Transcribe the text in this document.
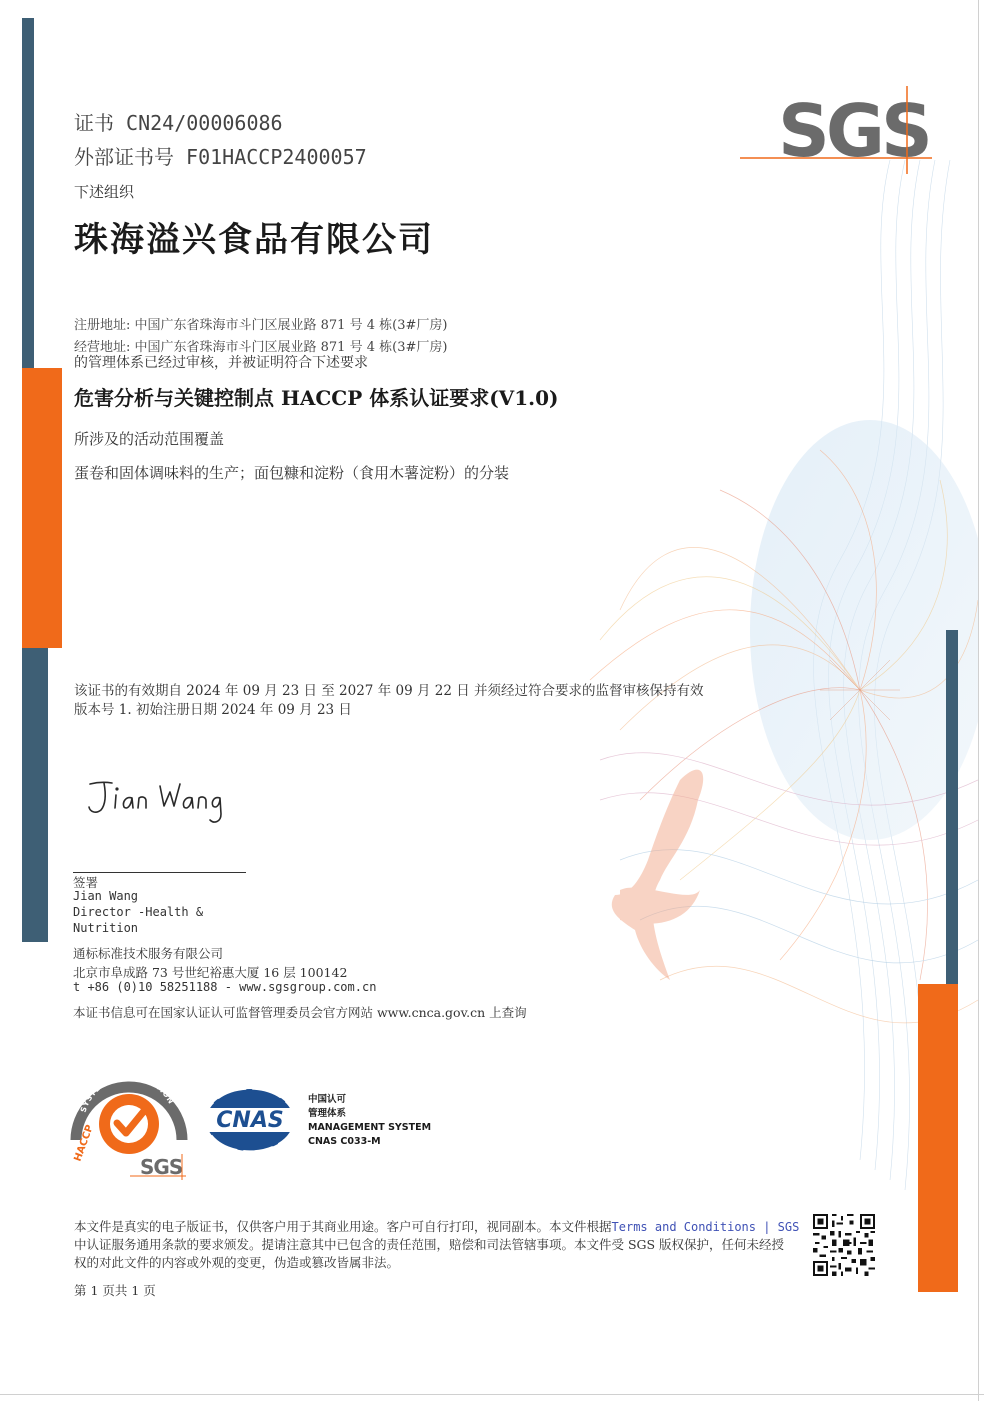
SGS
证书 CN24/00006086
外部证书号 F01HACCP2400057
下述组织
珠海溢兴食品有限公司
注册地址: 中国广东省珠海市斗门区展业路 871 号 4 栋(3#厂房)
经营地址: 中国广东省珠海市斗门区展业路 871 号 4 栋(3#厂房)
的管理体系已经过审核，并被证明符合下述要求
危害分析与关键控制点 HACCP 体系认证要求(V1.0)
所涉及的活动范围覆盖
蛋卷和固体调味料的生产；面包糠和淀粉（食用木薯淀粉）的分装
该证书的有效期自 2024 年 09 月 23 日 至 2027 年 09 月 22 日 并须经过符合要求的监督审核保持有效
版本号 1. 初始注册日期 2024 年 09 月 23 日
签署
Jian Wang
Director -Health &
Nutrition
通标标准技术服务有限公司
北京市阜成路 73 号世纪裕惠大厦 16 层 100142
t +86 (0)10 58251188 - www.sgsgroup.com.cn
本证书信息可在国家认证认可监督管理委员会官方网站 www.cnca.gov.cn 上查询
SYSTEM CERTIFICATION
HACCP
SGS
CNAS
中国认可
管理体系
MANAGEMENT SYSTEM
CNAS C033-M
本文件是真实的电子版证书，仅供客户用于其商业用途。客户可自行打印，视同副本。本文件根据Terms and Conditions | SGS
中认证服务通用条款的要求颁发。提请注意其中已包含的责任范围，赔偿和司法管辖事项。本文件受 SGS 版权保护，任何未经授
权的对此文件的内容或外观的变更，伪造或篡改皆属非法。
第 1 页共 1 页
